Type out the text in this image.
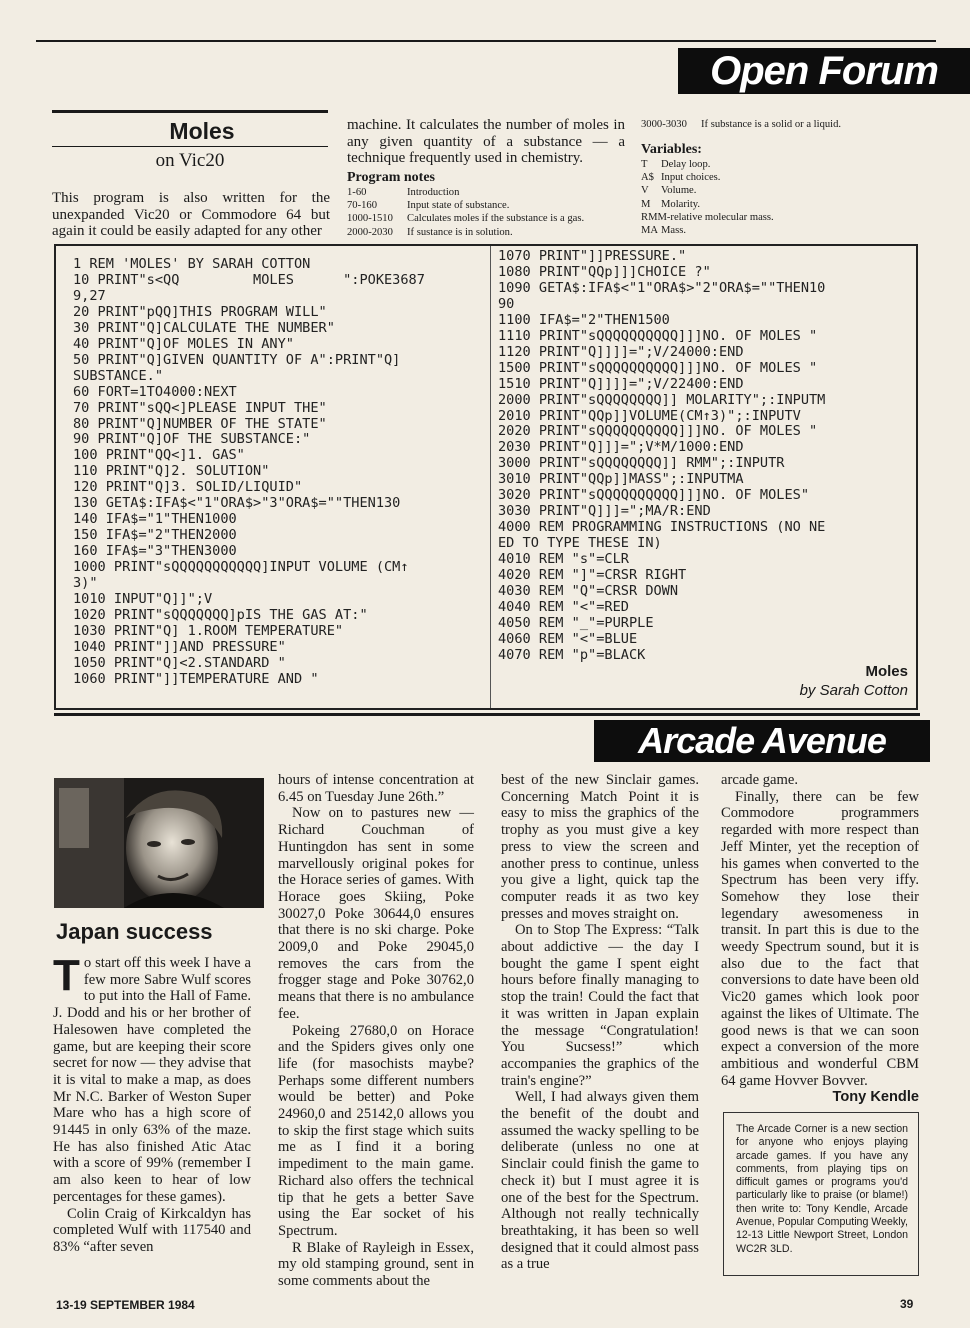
Open Forum
Moles
on Vic20
This program is also written for the unexpanded Vic20 or Commodore 64 but again it could be easily adapted for any other
machine. It calculates the number of moles in any given quantity of a substance — a technique frequently used in chemistry.
Program notes
1-60	Introduction
70-160	Input state of substance.
1000-1510	Calculates moles if the substance is a gas.
2000-2030	If sustance is in solution.
3000-3030	If substance is a solid or a liquid.
Variables:
T	Delay loop.
A$ Input choices.
V	Volume.
M Molarity.
RMM-relative molecular mass.
MA Mass.
1 REM 'MOLES' BY SARAH COTTON
10 PRINT"s<QQ         MOLES      ":POKE3687
9,27
20 PRINT"pQQ]THIS PROGRAM WILL"
30 PRINT"Q]CALCULATE THE NUMBER"
40 PRINT"Q]OF MOLES IN ANY"
50 PRINT"Q]GIVEN QUANTITY OF A":PRINT"Q]
SUBSTANCE."
60 FORT=1TO4000:NEXT
70 PRINT"sQQ<]PLEASE INPUT THE"
80 PRINT"Q]NUMBER OF THE STATE"
90 PRINT"Q]OF THE SUBSTANCE:"
100 PRINT"QQ<]1. GAS"
110 PRINT"Q]2. SOLUTION"
120 PRINT"Q]3. SOLID/LIQUID"
130 GETA$:IFA$<"1"ORA$>"3"ORA$=""THEN130
140 IFA$="1"THEN1000
150 IFA$="2"THEN2000
160 IFA$="3"THEN3000
1000 PRINT"sQQQQQQQQQQQ]INPUT VOLUME (CM↑
3)"
1010 INPUT"Q]]";V
1020 PRINT"sQQQQQQQ]pIS THE GAS AT:"
1030 PRINT"Q] 1.ROOM TEMPERATURE"
1040 PRINT"]]AND PRESSURE"
1050 PRINT"Q]<2.STANDARD "
1060 PRINT"]]TEMPERATURE AND "
1070 PRINT"]]PRESSURE."
1080 PRINT"QQp]]]CHOICE ?"
1090 GETA$:IFA$<"1"ORA$>"2"ORA$=""THEN10
90
1100 IFA$="2"THEN1500
1110 PRINT"sQQQQQQQQQQ]]]NO. OF MOLES "
1120 PRINT"Q]]]]=";V/24000:END
1500 PRINT"sQQQQQQQQQQ]]]NO. OF MOLES "
1510 PRINT"Q]]]]=";V/22400:END
2000 PRINT"sQQQQQQQQ]] MOLARITY";:INPUTM
2010 PRINT"QQp]]VOLUME(CM↑3)";:INPUTV
2020 PRINT"sQQQQQQQQQQ]]]NO. OF MOLES "
2030 PRINT"Q]]]=";V*M/1000:END
3000 PRINT"sQQQQQQQQ]] RMM";:INPUTR
3010 PRINT"QQp]]MASS";:INPUTMA
3020 PRINT"sQQQQQQQQQQ]]]NO. OF MOLES"
3030 PRINT"Q]]]=";MA/R:END
4000 REM PROGRAMMING INSTRUCTIONS (NO NE
ED TO TYPE THESE IN)
4010 REM "s"=CLR
4020 REM "]"=CRSR RIGHT
4030 REM "Q"=CRSR DOWN
4040 REM "<"=RED
4050 REM "_"=PURPLE
4060 REM "<"=BLUE
4070 REM "p"=BLACK
Moles
by Sarah Cotton
Arcade Avenue
Japan success

To start off this week I have a few more Sabre Wulf scores to put into the Hall of Fame. J. Dodd and his or her brother of Halesowen have completed the game, but are keeping their score secret for now — they advise that it is vital to make a map, as does Mr N.C. Barker of Weston Super Mare who has a high score of 91445 in only 63% of the maze. He has also finished Atic Atac with a score of 99% (remember I am also keen to hear of low percentages for these games).

Colin Craig of Kirkcaldyn has completed Wulf with 117540 and 83% “after seven

hours of intense concentration at 6.45 on Tuesday June 26th.”

Now on to pastures new — Richard Couchman of Huntingdon has sent in some marvellously original pokes for the Horace series of games. With Horace goes Skiing, Poke 30027,0 Poke 30644,0 ensures that there is no ski charge. Poke 2009,0 and Poke 29045,0 removes the cars from the frogger stage and Poke 30762,0 means that there is no ambulance fee.

Pokeing 27680,0 on Horace and the Spiders gives only one life (for masochists maybe? Perhaps some different numbers would be better) and Poke 24960,0 and 25142,0 allows you to skip the first stage which suits me as I find it a boring impediment to the main game. Richard also offers the technical tip that he gets a better Save using the Ear socket of his Spectrum.

R Blake of Rayleigh in Essex, my old stamping ground, sent in some comments about the

best of the new Sinclair games. Concerning Match Point it is easy to miss the graphics of the trophy as you must give a key press to view the screen and another press to continue, unless you give a light, quick tap the computer reads it as two key presses and moves straight on.

On to Stop The Express: “Talk about addictive — the day I bought the game I spent eight hours before finally managing to stop the train! Could the fact that it was written in Japan explain the message “Congratulation! You Sucsess!” which accompanies the graphics of the train's engine?”

Well, I had always given them the benefit of the doubt and assumed the wacky spelling to be deliberate (unless no one at Sinclair could finish the game to check it) but I must agree it is one of the best for the Spectrum. Although not really technically breathtaking, it has been so well designed that it could almost pass as a true

arcade game.

Finally, there can be few Commodore programmers regarded with more respect than Jeff Minter, yet the reception of his games when converted to the Spectrum has been very iffy. Somehow they lose their legendary awesomeness in transit. In part this is due to the weedy Spectrum sound, but it is also due to the fact that conversions to date have been old Vic20 games which look poor against the likes of Ultimate. The good news is that we can soon expect a conversion of the more ambitious and wonderful CBM 64 game Hovver Bovver.

Tony Kendle

The Arcade Corner is a new section for anyone who enjoys playing arcade games. If you have any comments, from playing tips on difficult games or programs you'd particularly like to praise (or blame!) then write to: Tony Kendle, Arcade Avenue, Popular Computing Weekly, 12-13 Little Newport Street, London WC2R 3LD.
13-19 SEPTEMBER 1984	39
